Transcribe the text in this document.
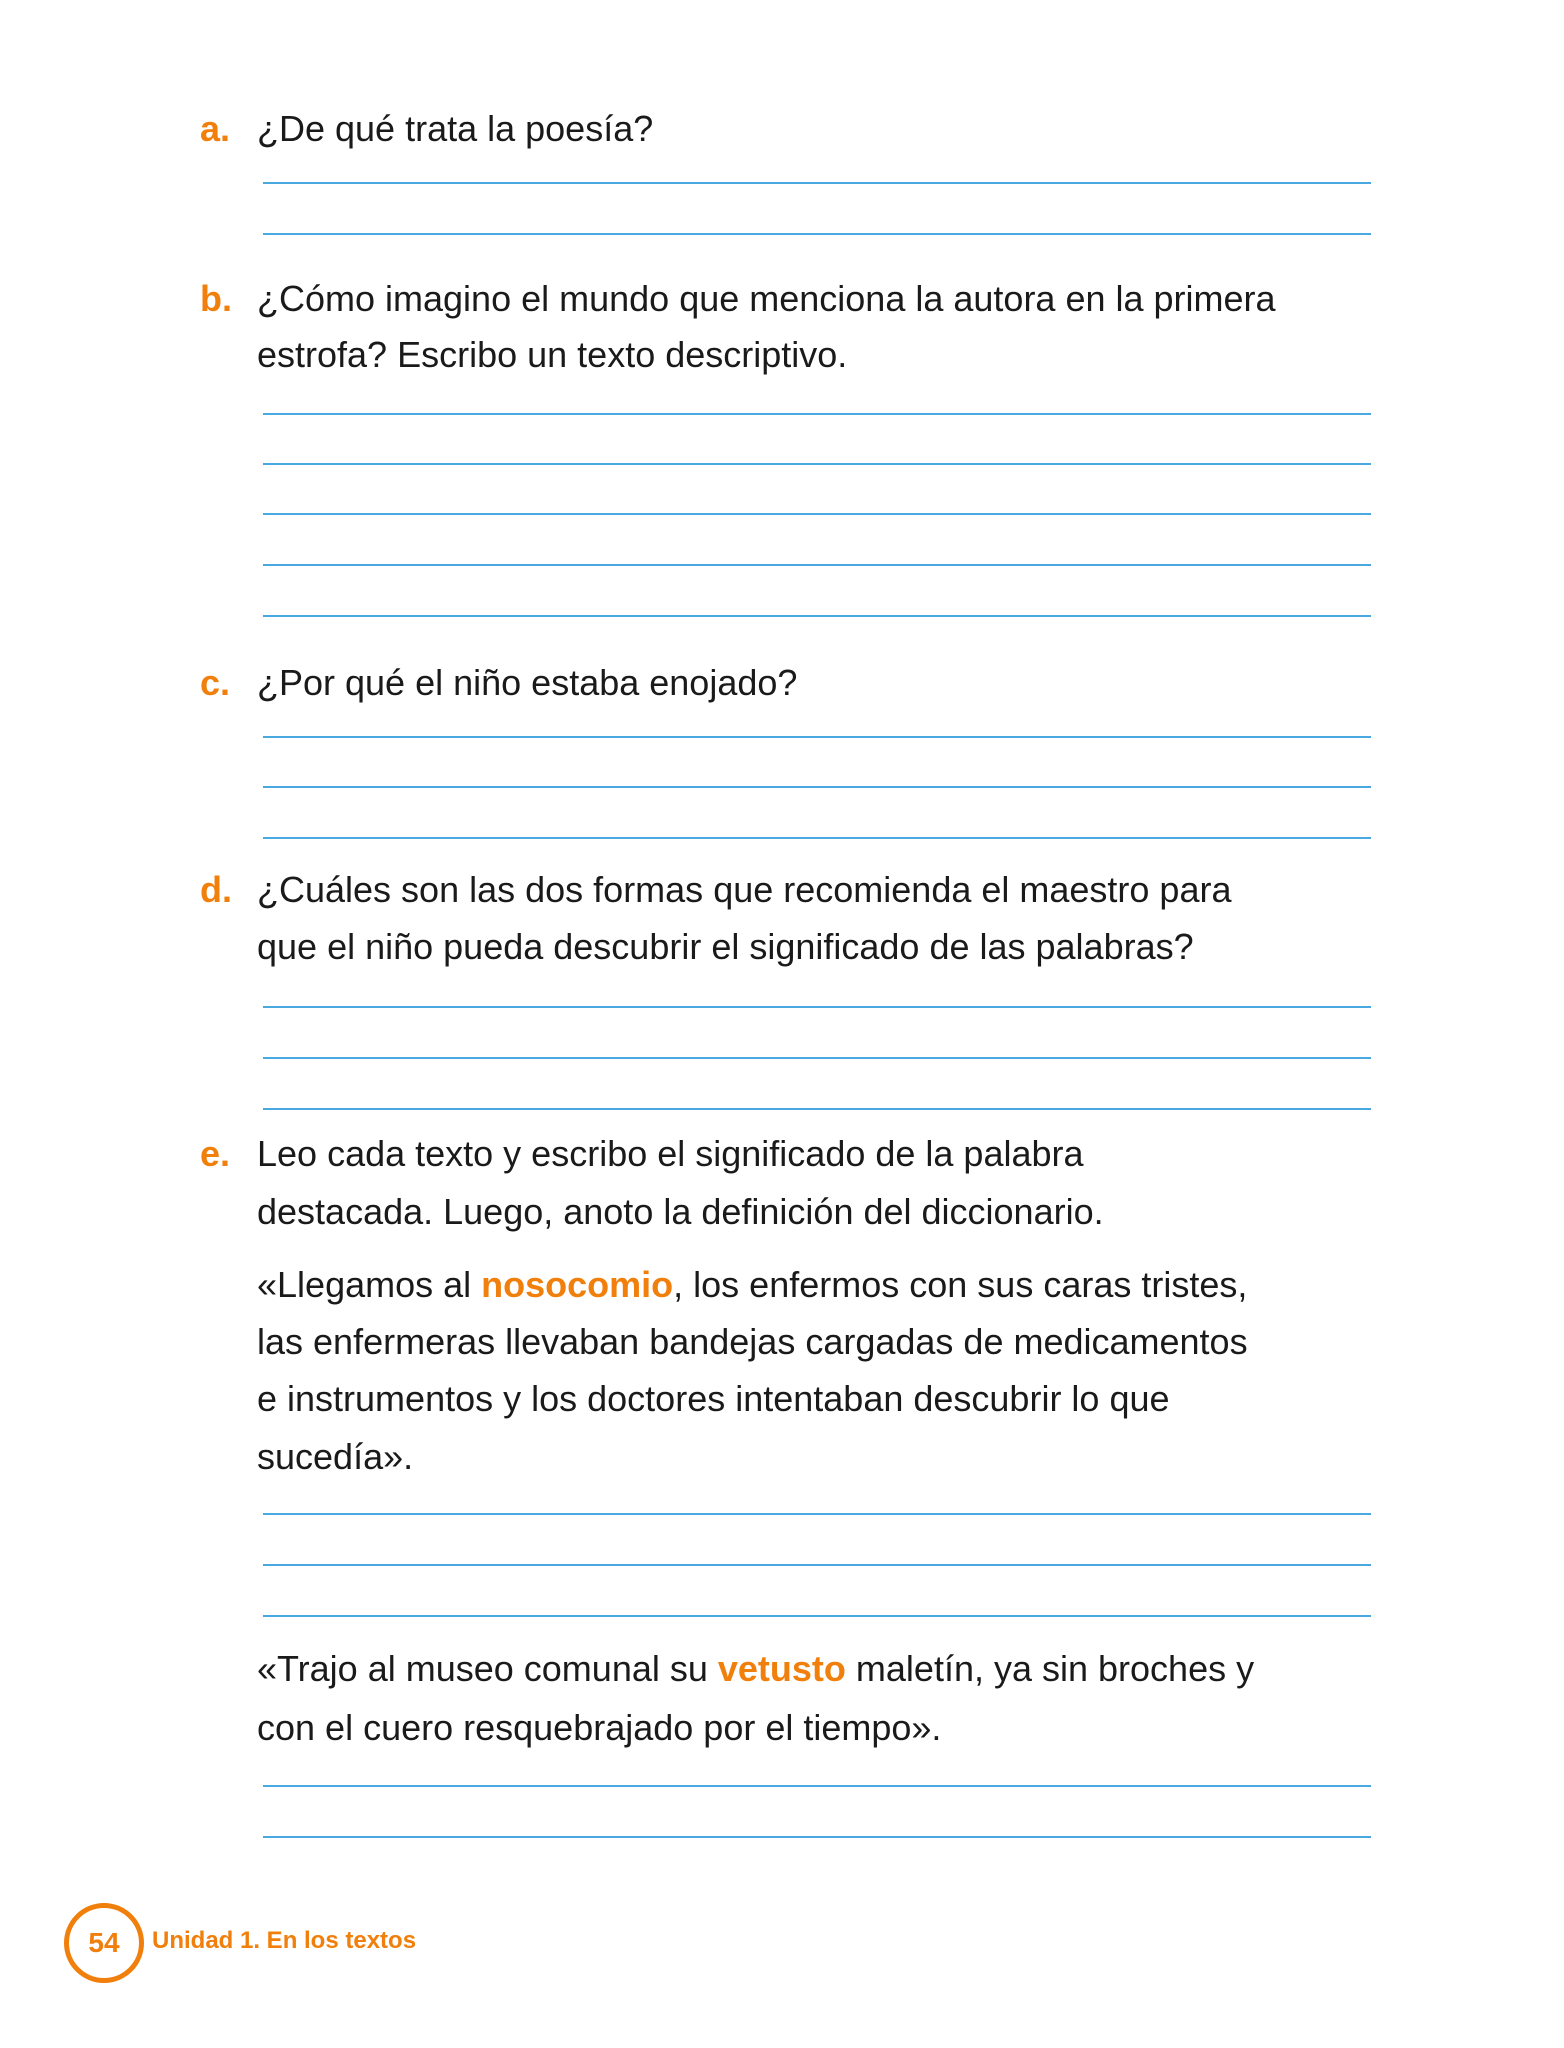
a. ¿De qué trata la poesía?
b. ¿Cómo imagino el mundo que menciona la autora en la primera
estrofa? Escribo un texto descriptivo.
c. ¿Por qué el niño estaba enojado?
d. ¿Cuáles son las dos formas que recomienda el maestro para
que el niño pueda descubrir el significado de las palabras?
e. Leo cada texto y escribo el significado de la palabra
destacada. Luego, anoto la definición del diccionario.
«Llegamos al nosocomio, los enfermos con sus caras tristes,
las enfermeras llevaban bandejas cargadas de medicamentos
e instrumentos y los doctores intentaban descubrir lo que
sucedía».
«Trajo al museo comunal su vetusto maletín, ya sin broches y
con el cuero resquebrajado por el tiempo».
54 Unidad 1. En los textos
